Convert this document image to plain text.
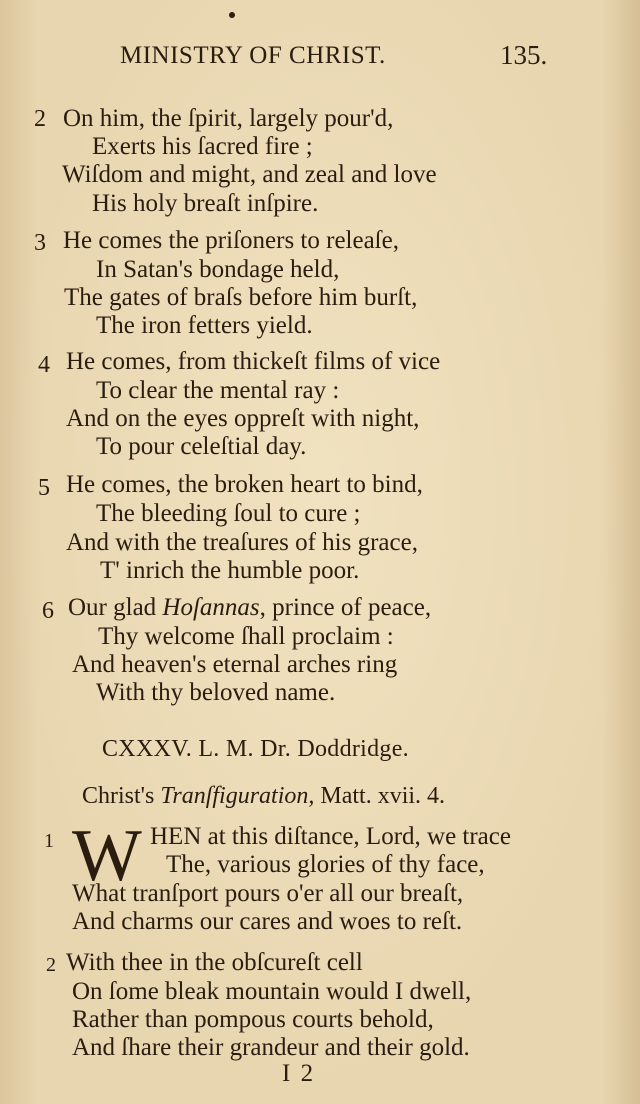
MINISTRY OF CHRIST.	135.
2 On him, the ſpirit, largely pour'd,
Exerts his ſacred fire ;
Wiſdom and might, and zeal and love
His holy breaſt inſpire.
3 He comes the priſoners to releaſe,
In Satan's bondage held,
The gates of braſs before him burſt,
The iron fetters yield.
4 He comes, from thickeſt films of vice
To clear the mental ray :
And on the eyes oppreſt with night,
To pour celeſtial day.
5 He comes, the broken heart to bind,
The bleeding ſoul to cure ;
And with the treaſures of his grace,
T' inrich the humble poor.
6 Our glad Hoſannas, prince of peace,
Thy welcome ſhall proclaim :
And heaven's eternal arches ring
With thy beloved name.
CXXXV. L. M. Dr. Doddridge.
Christ's Tranſfiguration, Matt. xvii. 4.
1 W HEN at this diſtance, Lord, we trace
The, various glories of thy face,
What tranſport pours o'er all our breaſt,
And charms our cares and woes to reſt.
2 With thee in the obſcureſt cell
On ſome bleak mountain would I dwell,
Rather than pompous courts behold,
And ſhare their grandeur and their gold.
I 2
